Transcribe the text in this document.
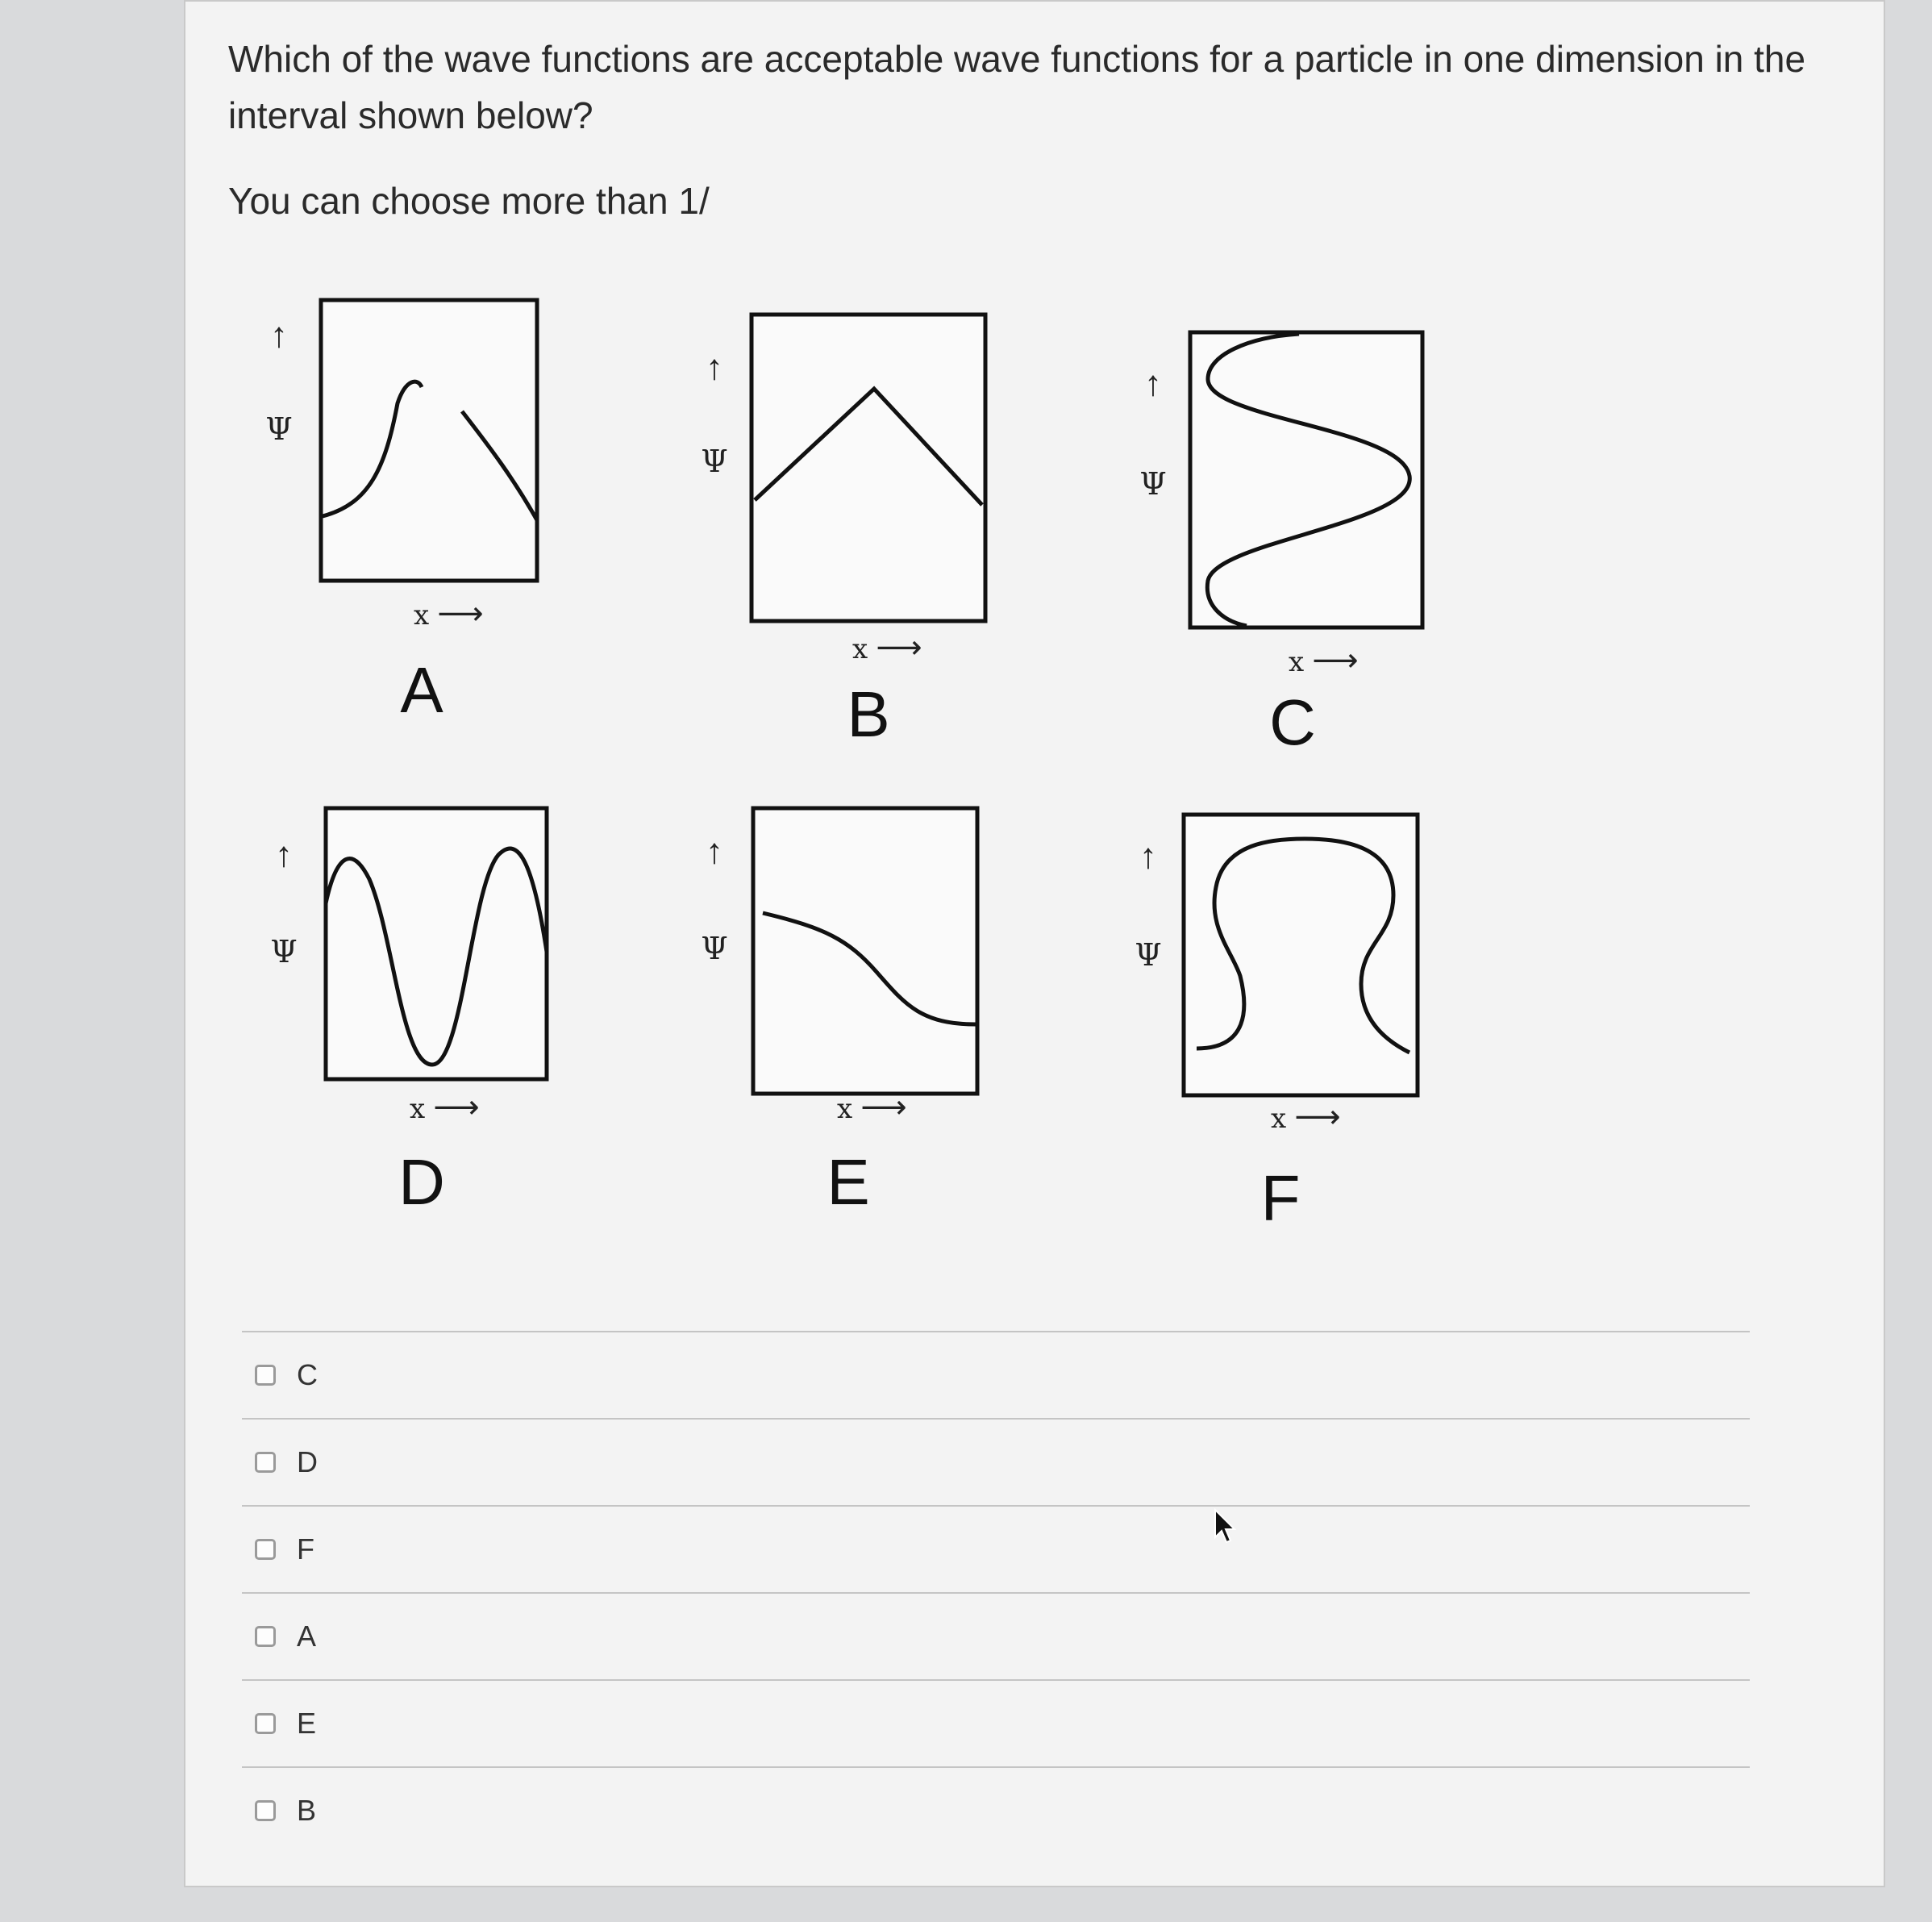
Which of the wave functions are acceptable wave functions for a particle in one dimension in the interval shown below?
You can choose more than 1/
↑
Ψ
x ⟶
A
↑
Ψ
x ⟶
B
↑
Ψ
x ⟶
C
↑
Ψ
x ⟶
D
↑
Ψ
x ⟶
E
↑
Ψ
x ⟶
F
C
D
F
A
E
B
